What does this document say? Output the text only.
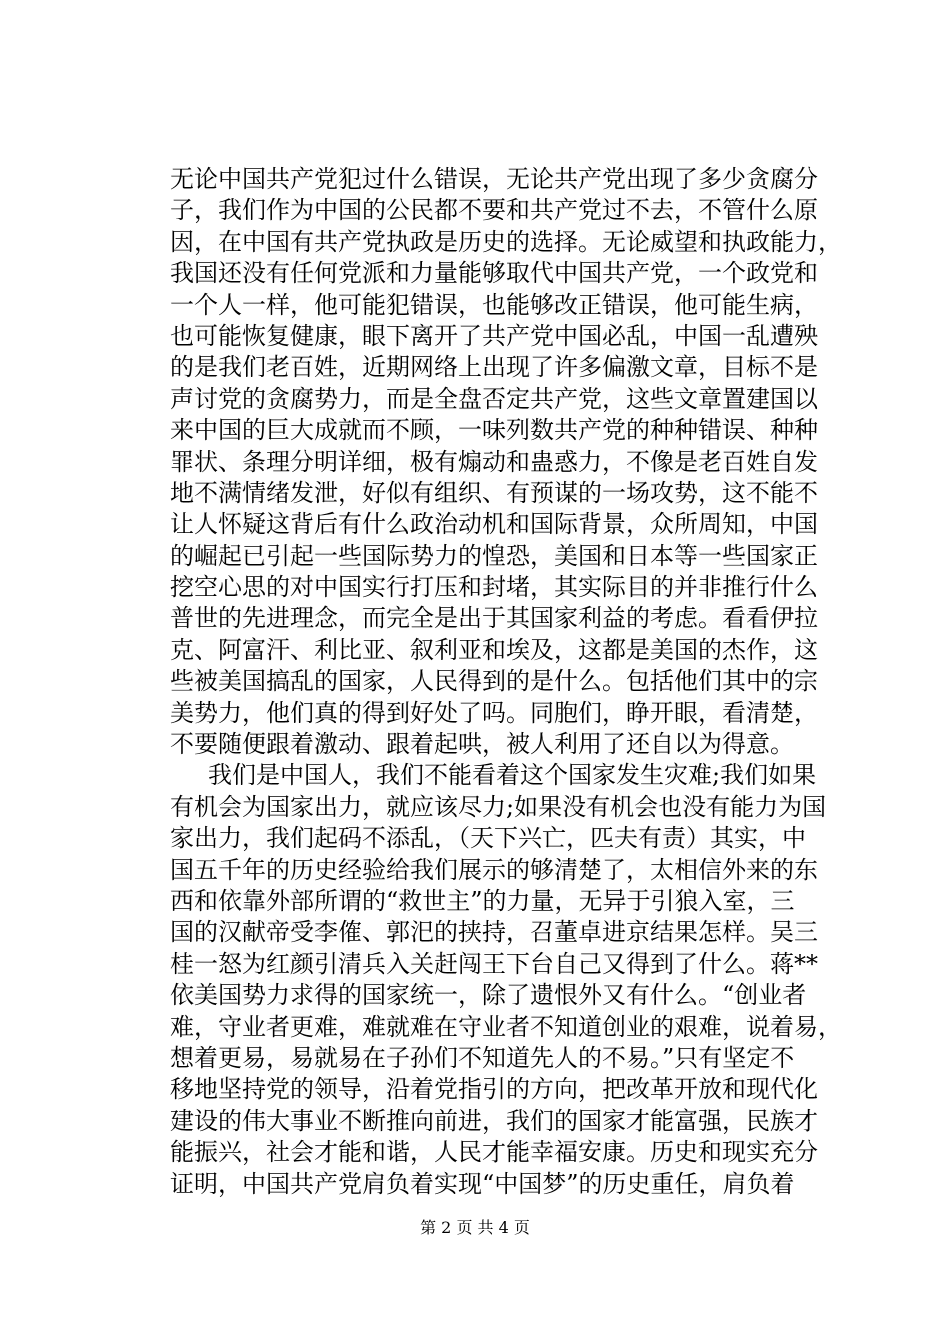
无论中国共产党犯过什么错误，无论共产党出现了多少贪腐分
子，我们作为中国的公民都不要和共产党过不去，不管什么原
因，在中国有共产党执政是历史的选择。无论威望和执政能力，
我国还没有任何党派和力量能够取代中国共产党，一个政党和
一个人一样，他可能犯错误，也能够改正错误，他可能生病，
也可能恢复健康，眼下离开了共产党中国必乱，中国一乱遭殃
的是我们老百姓，近期网络上出现了许多偏激文章，目标不是
声讨党的贪腐势力，而是全盘否定共产党，这些文章置建国以
来中国的巨大成就而不顾，一味列数共产党的种种错误、种种
罪状、条理分明详细，极有煽动和蛊惑力，不像是老百姓自发
地不满情绪发泄，好似有组织、有预谋的一场攻势，这不能不
让人怀疑这背后有什么政治动机和国际背景，众所周知，中国
的崛起已引起一些国际势力的惶恐，美国和日本等一些国家正
挖空心思的对中国实行打压和封堵，其实际目的并非推行什么
普世的先进理念，而完全是出于其国家利益的考虑。看看伊拉
克、阿富汗、利比亚、叙利亚和埃及，这都是美国的杰作，这
些被美国搞乱的国家，人民得到的是什么。包括他们其中的宗
美势力，他们真的得到好处了吗。同胞们，睁开眼，看清楚，
不要随便跟着激动、跟着起哄，被人利用了还自以为得意。
我们是中国人，我们不能看着这个国家发生灾难;我们如果
有机会为国家出力，就应该尽力;如果没有机会也没有能力为国
家出力，我们起码不添乱，（天下兴亡，匹夫有责）其实，中
国五千年的历史经验给我们展示的够清楚了，太相信外来的东
西和依靠外部所谓的“救世主”的力量，无异于引狼入室，三
国的汉献帝受李傕、郭汜的挟持，召董卓进京结果怎样。吴三
桂一怒为红颜引清兵入关赶闯王下台自己又得到了什么。蒋**
依美国势力求得的国家统一，除了遗恨外又有什么。“创业者
难，守业者更难，难就难在守业者不知道创业的艰难，说着易，
想着更易，易就易在子孙们不知道先人的不易。”只有坚定不
移地坚持党的领导，沿着党指引的方向，把改革开放和现代化
建设的伟大事业不断推向前进，我们的国家才能富强，民族才
能振兴，社会才能和谐，人民才能幸福安康。历史和现实充分
证明，中国共产党肩负着实现“中国梦”的历史重任，肩负着
第 2 页 共 4 页
